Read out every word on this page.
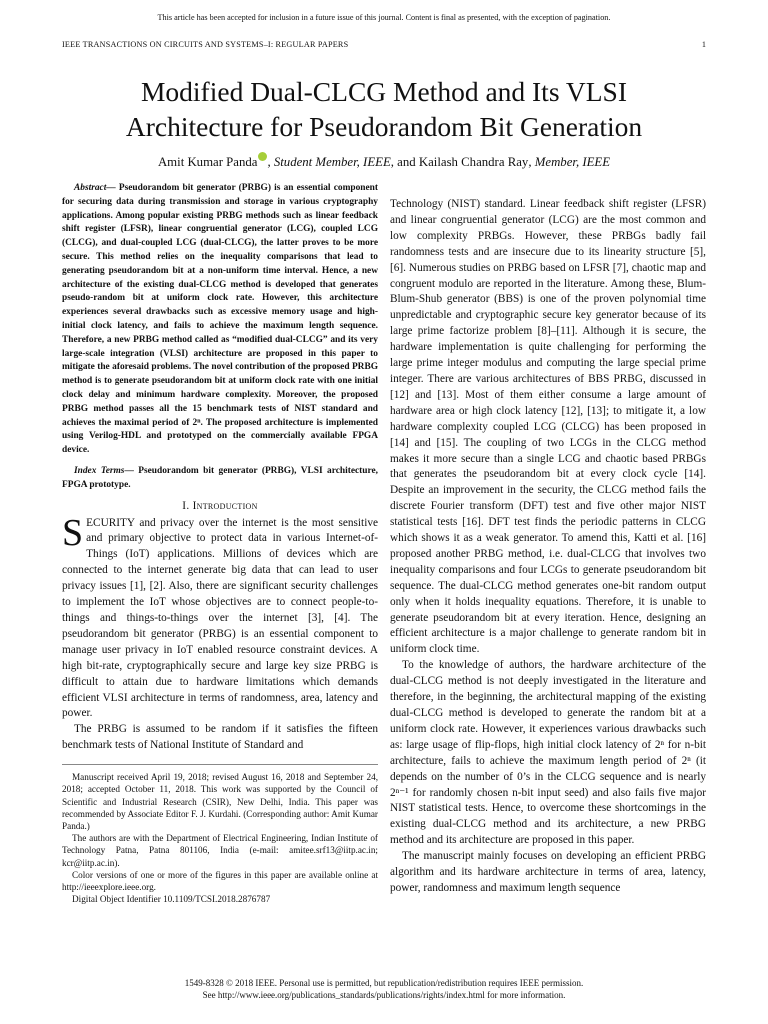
This article has been accepted for inclusion in a future issue of this journal. Content is final as presented, with the exception of pagination.
IEEE TRANSACTIONS ON CIRCUITS AND SYSTEMS–I: REGULAR PAPERS	1
Modified Dual-CLCG Method and Its VLSI
Architecture for Pseudorandom Bit Generation
Amit Kumar Panda , Student Member, IEEE, and Kailash Chandra Ray, Member, IEEE

Abstract— Pseudorandom bit generator (PRBG) is an essential component for securing data during transmission and storage in various cryptography applications. Among popular existing PRBG methods such as linear feedback shift register (LFSR), linear congruential generator (LCG), coupled LCG (CLCG), and dual-coupled LCG (dual-CLCG), the latter proves to be more secure. This method relies on the inequality comparisons that lead to generating pseudorandom bit at a non-uniform time interval. Hence, a new architecture of the existing dual-CLCG method is developed that generates pseudo-random bit at uniform clock rate. However, this architecture experiences several drawbacks such as excessive memory usage and high-initial clock latency, and fails to achieve the maximum length sequence. Therefore, a new PRBG method called as “modified dual-CLCG” and its very large-scale integration (VLSI) architecture are proposed in this paper to mitigate the aforesaid problems. The novel contribution of the proposed PRBG method is to generate pseudorandom bit at uniform clock rate with one initial clock delay and minimum hardware complexity. Moreover, the proposed PRBG method passes all the 15 benchmark tests of NIST standard and achieves the maximal period of 2ⁿ. The proposed architecture is implemented using Verilog-HDL and prototyped on the commercially available FPGA device.

Index Terms— Pseudorandom bit generator (PRBG), VLSI architecture, FPGA prototype.

I. Introduction

SECURITY and privacy over the internet is the most sensitive and primary objective to protect data in various Internet-of-Things (IoT) applications. Millions of devices which are connected to the internet generate big data that can lead to user privacy issues [1], [2]. Also, there are significant security challenges to implement the IoT whose objectives are to connect people-to-things and things-to-things over the internet [3], [4]. The pseudorandom bit generator (PRBG) is an essential component to manage user privacy in IoT enabled resource constraint devices. A high bit-rate, cryptographically secure and large key size PRBG is difficult to attain due to hardware limitations which demands efficient VLSI architecture in terms of randomness, area, latency and power.

The PRBG is assumed to be random if it satisfies the fifteen benchmark tests of National Institute of Standard and

Manuscript received April 19, 2018; revised August 16, 2018 and September 24, 2018; accepted October 11, 2018. This work was supported by the Council of Scientific and Industrial Research (CSIR), New Delhi, India. This paper was recommended by Associate Editor F. J. Kurdahi. (Corresponding author: Amit Kumar Panda.)

The authors are with the Department of Electrical Engineering, Indian Institute of Technology Patna, Patna 801106, India (e-mail: amitee.srf13@iitp.ac.in; kcr@iitp.ac.in).

Color versions of one or more of the figures in this paper are available online at http://ieeexplore.ieee.org.

Digital Object Identifier 10.1109/TCSI.2018.2876787

Technology (NIST) standard. Linear feedback shift register (LFSR) and linear congruential generator (LCG) are the most common and low complexity PRBGs. However, these PRBGs badly fail randomness tests and are insecure due to its linearity structure [5], [6]. Numerous studies on PRBG based on LFSR [7], chaotic map and congruent modulo are reported in the literature. Among these, Blum-Blum-Shub generator (BBS) is one of the proven polynomial time unpredictable and cryptographic secure key generator because of its large prime factorize problem [8]–[11]. Although it is secure, the hardware implementation is quite challenging for performing the large prime integer modulus and computing the large special prime integer. There are various architectures of BBS PRBG, discussed in [12] and [13]. Most of them either consume a large amount of hardware area or high clock latency [12], [13]; to mitigate it, a low hardware complexity coupled LCG (CLCG) has been proposed in [14] and [15]. The coupling of two LCGs in the CLCG method makes it more secure than a single LCG and chaotic based PRBGs that generates the pseudorandom bit at every clock cycle [14]. Despite an improvement in the security, the CLCG method fails the discrete Fourier transform (DFT) test and five other major NIST statistical tests [16]. DFT test finds the periodic patterns in CLCG which shows it as a weak generator. To amend this, Katti et al. [16] proposed another PRBG method, i.e. dual-CLCG that involves two inequality comparisons and four LCGs to generate pseudorandom bit sequence. The dual-CLCG method generates one-bit random output only when it holds inequality equations. Therefore, it is unable to generate pseudorandom bit at every iteration. Hence, designing an efficient architecture is a major challenge to generate random bit in uniform clock time.

To the knowledge of authors, the hardware architecture of the dual-CLCG method is not deeply investigated in the literature and therefore, in the beginning, the architectural mapping of the existing dual-CLCG method is developed to generate the random bit at a uniform clock rate. However, it experiences various drawbacks such as: large usage of flip-flops, high initial clock latency of 2ⁿ for n-bit architecture, fails to achieve the maximum length period of 2ⁿ (it depends on the number of 0’s in the CLCG sequence and is nearly 2ⁿ⁻¹ for randomly chosen n-bit input seed) and also fails five major NIST statistical tests. Hence, to overcome these shortcomings in the existing dual-CLCG method and its architecture, a new PRBG method and its architecture are proposed in this paper.

The manuscript mainly focuses on developing an efficient PRBG algorithm and its hardware architecture in terms of area, latency, power, randomness and maximum length sequence

1549-8328 © 2018 IEEE. Personal use is permitted, but republication/redistribution requires IEEE permission.
See http://www.ieee.org/publications_standards/publications/rights/index.html for more information.
